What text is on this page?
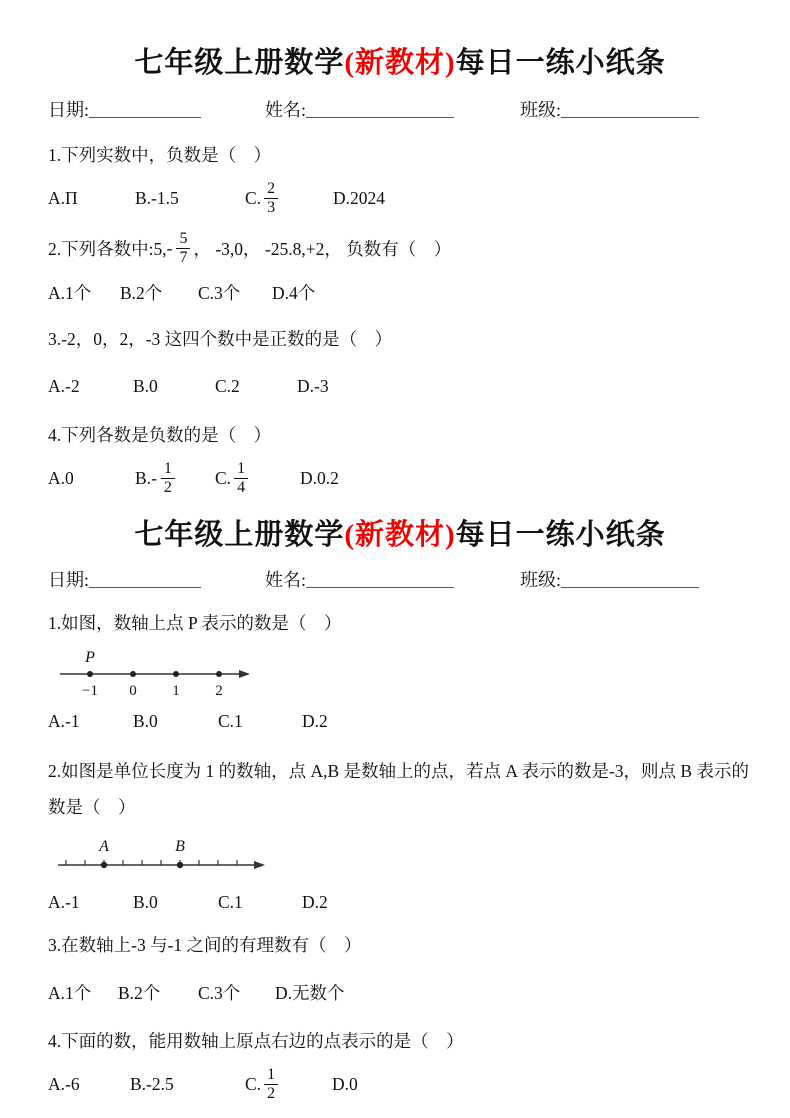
七年级上册数学(新教材)每日一练小纸条
日期:	姓名:	班级:
1.下列实数中，负数是（　）
A.Π	B.-1.5	C. $\frac{2}{3}$	D.2024
2.下列各数中:5, - $\frac{5}{7}$ ， -3,0， -25.8,+2， 负数有（　）
A.1个	B.2个	C.3个	D.4个
3.-2，0，2，-3 这四个数中是正数的是（　）
A.-2	B.0	C.2	D.-3
4.下列各数是负数的是（　）
A.0	B. - $\frac{1}{2} C$. $\frac{1}{4}$	D.0.2
七年级上册数学(新教材)每日一练小纸条
日期:	姓名:	班级:
1.如图，数轴上点 P 表示的数是（　）
P
−1 0 1 2
A.-1	B.0	C.1	D.2
2.如图是单位长度为 1 的数轴，点 A,B 是数轴上的点，若点 A 表示的数是-3，则点 B 表示的数是（　）
A	B
A.-1	B.0	C.1	D.2
3.在数轴上-3 与-1 之间的有理数有（　）
A.1个	B.2个	C.3个	D.无数个
4.下面的数，能用数轴上原点右边的点表示的是（　）
A.-6	B.-2.5	C. $\frac{1}{2}$	D.0
